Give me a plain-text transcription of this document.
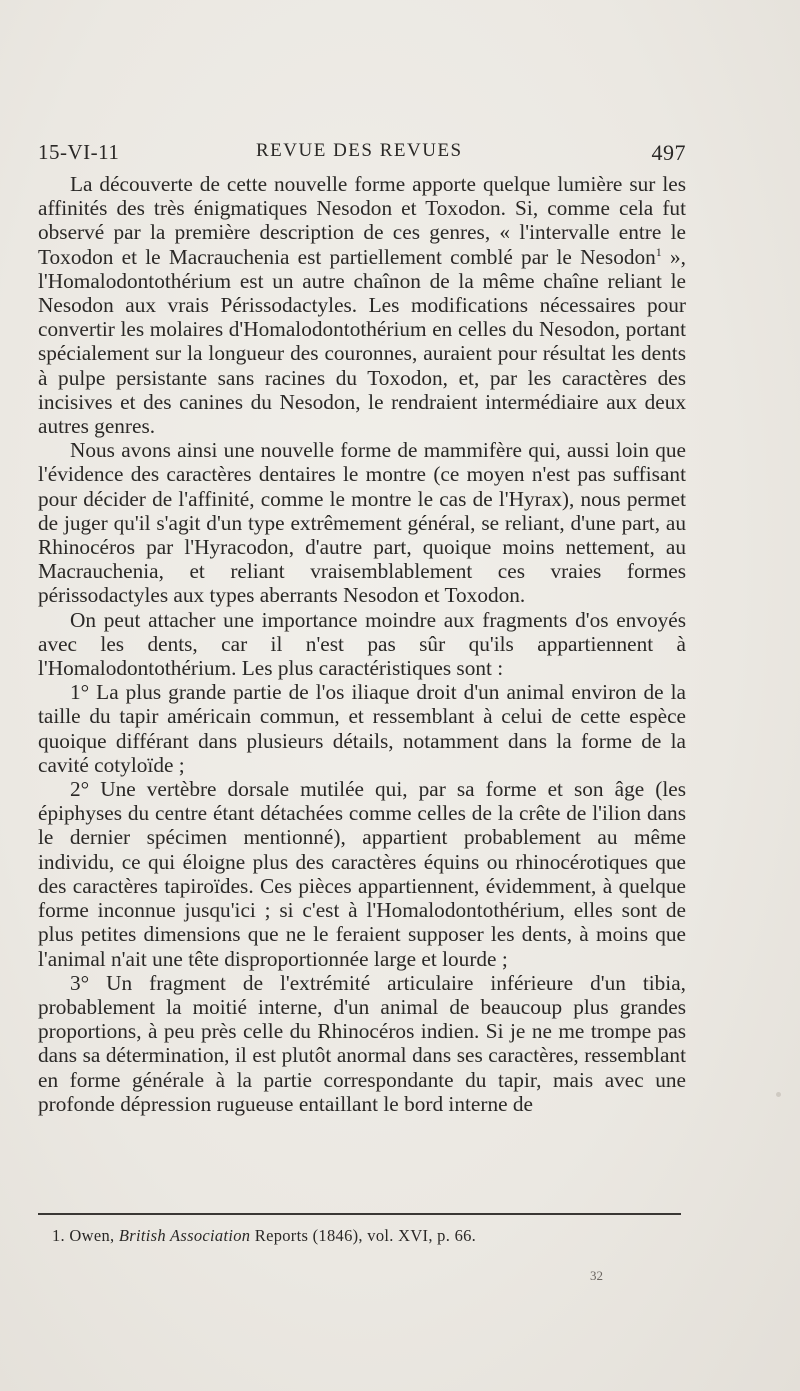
15-VI-11	REVUE DES REVUES	497

La découverte de cette nouvelle forme apporte quelque lumière sur les affinités des très énigmatiques Nesodon et Toxodon. Si, comme cela fut observé par la première description de ces genres, « l'intervalle entre le Toxodon et le Macrauchenia est partiellement comblé par le Nesodon$^1$ », l'Homalodontothérium est un autre chaînon de la même chaîne reliant le Nesodon aux vrais Périssodactyles. Les modifications nécessaires pour convertir les molaires d'Homalodontothérium en celles du Nesodon, portant spécialement sur la longueur des couronnes, auraient pour résultat les dents à pulpe persistante sans racines du Toxodon, et, par les caractères des incisives et des canines du Nesodon, le rendraient intermédiaire aux deux autres genres.

Nous avons ainsi une nouvelle forme de mammifère qui, aussi loin que l'évidence des caractères dentaires le montre (ce moyen n'est pas suffisant pour décider de l'affinité, comme le montre le cas de l'Hyrax), nous permet de juger qu'il s'agit d'un type extrêmement général, se reliant, d'une part, au Rhinocéros par l'Hyracodon, d'autre part, quoique moins nettement, au Macrauchenia, et reliant vraisemblablement ces vraies formes périssodactyles aux types aberrants Nesodon et Toxodon.

On peut attacher une importance moindre aux fragments d'os envoyés avec les dents, car il n'est pas sûr qu'ils appartiennent à l'Homalodontothérium. Les plus caractéristiques sont :

1° La plus grande partie de l'os iliaque droit d'un animal environ de la taille du tapir américain commun, et ressemblant à celui de cette espèce quoique différant dans plusieurs détails, notamment dans la forme de la cavité cotyloïde ;

2° Une vertèbre dorsale mutilée qui, par sa forme et son âge (les épiphyses du centre étant détachées comme celles de la crête de l'ilion dans le dernier spécimen mentionné), appartient probablement au même individu, ce qui éloigne plus des caractères équins ou rhinocérotiques que des caractères tapiroïdes. Ces pièces appartiennent, évidemment, à quelque forme inconnue jusqu'ici ; si c'est à l'Homalodontothérium, elles sont de plus petites dimensions que ne le feraient supposer les dents, à moins que l'animal n'ait une tête disproportionnée large et lourde ;

3° Un fragment de l'extrémité articulaire inférieure d'un tibia, probablement la moitié interne, d'un animal de beaucoup plus grandes proportions, à peu près celle du Rhinocéros indien. Si je ne me trompe pas dans sa détermination, il est plutôt anormal dans ses caractères, ressemblant en forme générale à la partie correspondante du tapir, mais avec une profonde dépression rugueuse entaillant le bord interne de

1. Owen, British Association Reports (1846), vol. XVI, p. 66.
32
